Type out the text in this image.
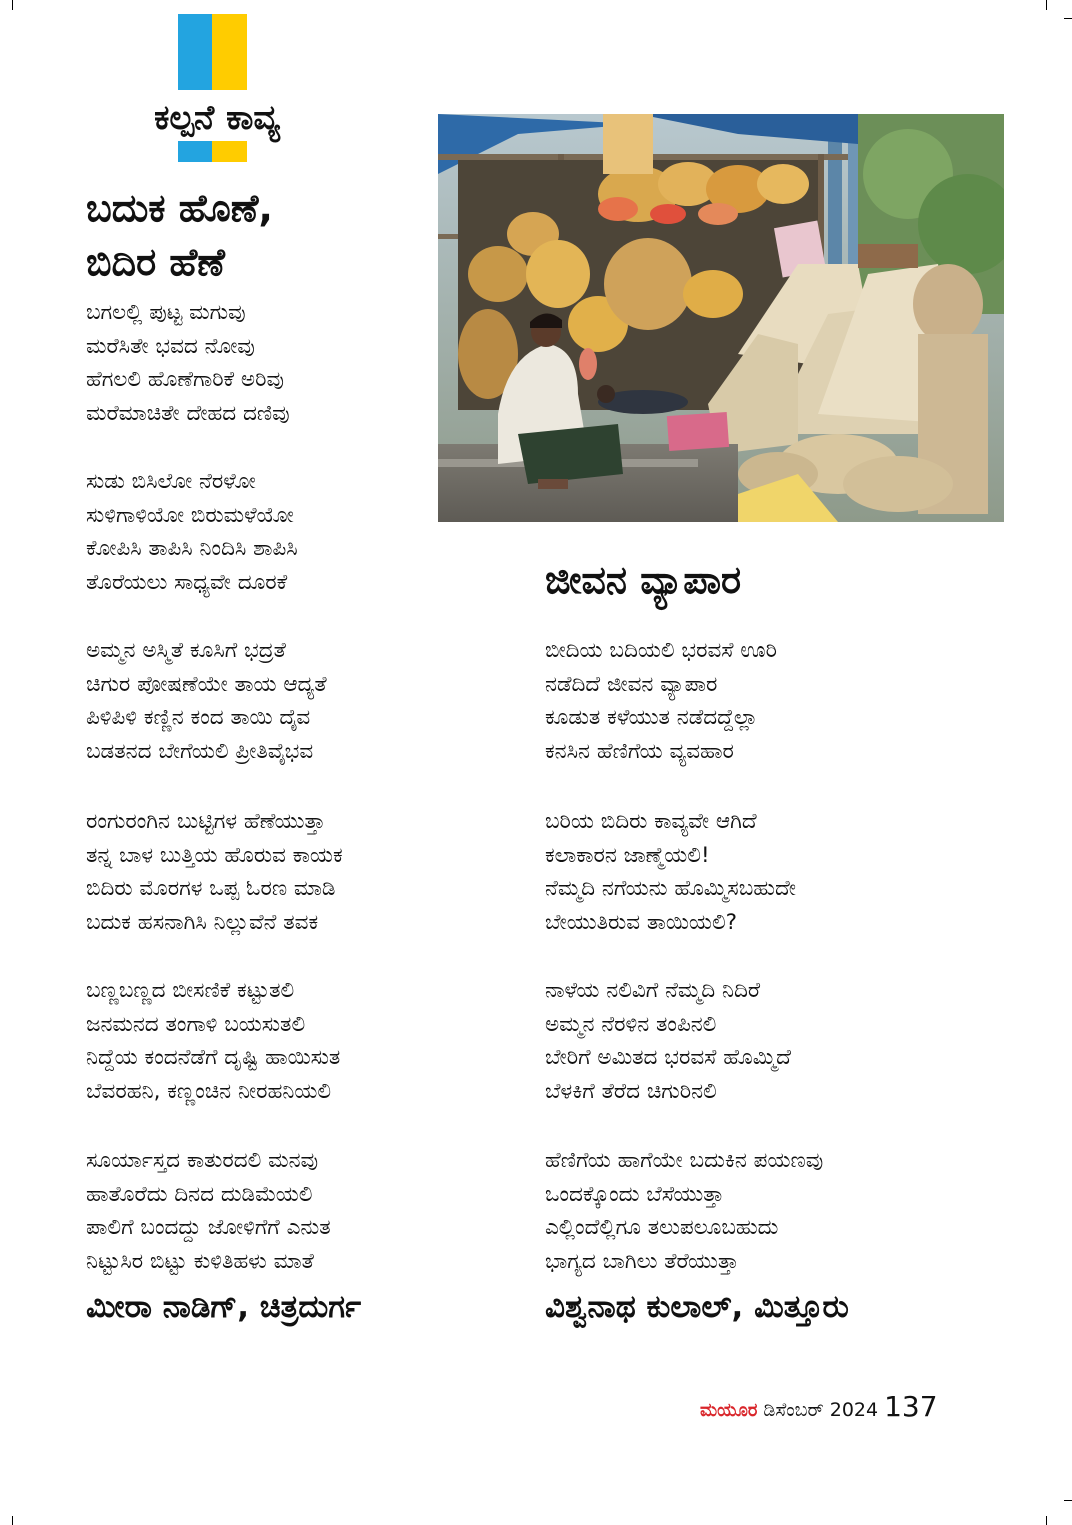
ಕಲ್ಪನೆ ಕಾವ್ಯ
ಬದುಕ ಹೊಣೆ,
ಬಿದಿರ ಹೆಣೆ
ಬಗಲಲ್ಲಿ ಪುಟ್ಟ ಮಗುವು
ಮರೆಸಿತೇ ಭವದ ನೋವು
ಹೆಗಲಲಿ ಹೊಣೆಗಾರಿಕೆ ಅರಿವು
ಮರೆಮಾಚಿತೇ ದೇಹದ ದಣಿವು
ಸುಡು ಬಿಸಿಲೋ ನೆರಳೋ
ಸುಳಿಗಾಳಿಯೋ ಬಿರುಮಳೆಯೋ
ಕೋಪಿಸಿ ತಾಪಿಸಿ ನಿಂದಿಸಿ ಶಾಪಿಸಿ
ತೊರೆಯಲು ಸಾಧ್ಯವೇ ದೂರಕೆ
ಅಮ್ಮನ ಅಸ್ಮಿತೆ ಕೂಸಿಗೆ ಭದ್ರತೆ
ಚಿಗುರ ಪೋಷಣೆಯೇ ತಾಯ ಆದ್ಯತೆ
ಪಿಳಿಪಿಳಿ ಕಣ್ಣಿನ ಕಂದ ತಾಯಿ ದೈವ
ಬಡತನದ ಬೇಗೆಯಲಿ ಪ್ರೀತಿವೈಭವ
ರಂಗುರಂಗಿನ ಬುಟ್ಟಿಗಳ ಹೆಣೆಯುತ್ತಾ
ತನ್ನ ಬಾಳ ಬುತ್ತಿಯ ಹೊರುವ ಕಾಯಕ
ಬಿದಿರು ಮೊರಗಳ ಒಪ್ಪ ಓರಣ ಮಾಡಿ
ಬದುಕ ಹಸನಾಗಿಸಿ ನಿಲ್ಲುವೆನೆ ತವಕ
ಬಣ್ಣಬಣ್ಣದ ಬೀಸಣಿಕೆ ಕಟ್ಟುತಲಿ
ಜನಮನದ ತಂಗಾಳಿ ಬಯಸುತಲಿ
ನಿದ್ದೆಯ ಕಂದನೆಡೆಗೆ ದೃಷ್ಟಿ ಹಾಯಿಸುತ
ಬೆವರಹನಿ, ಕಣ್ಣಂಚಿನ ನೀರಹನಿಯಲಿ
ಸೂರ್ಯಾಸ್ತದ ಕಾತುರದಲಿ ಮನವು
ಹಾತೊರೆದು ದಿನದ ದುಡಿಮೆಯಲಿ
ಪಾಲಿಗೆ ಬಂದದ್ದು ಜೋಳಿಗೆಗೆ ಎನುತ
ನಿಟ್ಟುಸಿರ ಬಿಟ್ಟು ಕುಳಿತಿಹಳು ಮಾತೆ
ಮೀರಾ ನಾಡಿಗ್, ಚಿತ್ರದುರ್ಗ
ಜೀವನ ವ್ಯಾಪಾರ
ಬೀದಿಯ ಬದಿಯಲಿ ಭರವಸೆ ಊರಿ
ನಡೆದಿದೆ ಜೀವನ ವ್ಯಾಪಾರ
ಕೂಡುತ ಕಳೆಯುತ ನಡೆದದ್ದೆಲ್ಲಾ
ಕನಸಿನ ಹೆಣಿಗೆಯ ವ್ಯವಹಾರ
ಬರಿಯ ಬಿದಿರು ಕಾವ್ಯವೇ ಆಗಿದೆ
ಕಲಾಕಾರನ ಜಾಣ್ಮೆಯಲಿ!
ನೆಮ್ಮದಿ ನಗೆಯನು ಹೊಮ್ಮಿಸಬಹುದೇ
ಬೇಯುತಿರುವ ತಾಯಿಯಲಿ?
ನಾಳೆಯ ನಲಿವಿಗೆ ನೆಮ್ಮದಿ ನಿದಿರೆ
ಅಮ್ಮನ ನೆರಳಿನ ತಂಪಿನಲಿ
ಬೇರಿಗೆ ಅಮಿತದ ಭರವಸೆ ಹೊಮ್ಮಿದೆ
ಬೆಳಕಿಗೆ ತೆರೆದ ಚಿಗುರಿನಲಿ
ಹೆಣಿಗೆಯ ಹಾಗೆಯೇ ಬದುಕಿನ ಪಯಣವು
ಒಂದಕ್ಕೊಂದು ಬೆಸೆಯುತ್ತಾ
ಎಲ್ಲಿಂದೆಲ್ಲಿಗೂ ತಲುಪಲೂಬಹುದು
ಭಾಗ್ಯದ ಬಾಗಿಲು ತೆರೆಯುತ್ತಾ
ವಿಶ್ವನಾಥ ಕುಲಾಲ್, ಮಿತ್ತೂರು
ಮಯೂರ ಡಿಸೆಂಬರ್ 2024 137
